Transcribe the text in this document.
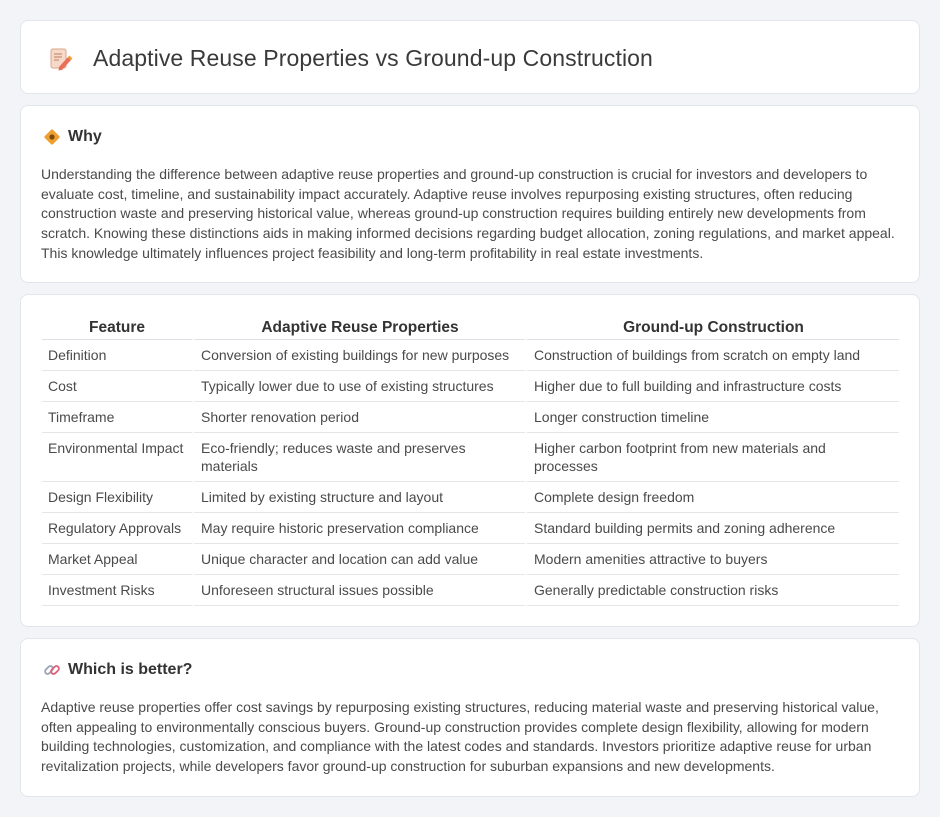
Adaptive Reuse Properties vs Ground-up Construction
Why

Understanding the difference between adaptive reuse properties and ground-up construction is crucial for investors and developers to evaluate cost, timeline, and sustainability impact accurately. Adaptive reuse involves repurposing existing structures, often reducing construction waste and preserving historical value, whereas ground-up construction requires building entirely new developments from scratch. Knowing these distinctions aids in making informed decisions regarding budget allocation, zoning regulations, and market appeal. This knowledge ultimately influences project feasibility and long-term profitability in real estate investments.

Feature	Adaptive Reuse Properties	Ground-up Construction
Definition	Conversion of existing buildings for new purposes	Construction of buildings from scratch on empty land
Cost	Typically lower due to use of existing structures	Higher due to full building and infrastructure costs
Timeframe	Shorter renovation period	Longer construction timeline
Environmental Impact	Eco-friendly; reduces waste and preserves materials	Higher carbon footprint from new materials and processes
Design Flexibility	Limited by existing structure and layout	Complete design freedom
Regulatory Approvals	May require historic preservation compliance	Standard building permits and zoning adherence
Market Appeal	Unique character and location can add value	Modern amenities attractive to buyers
Investment Risks	Unforeseen structural issues possible	Generally predictable construction risks
Which is better?

Adaptive reuse properties offer cost savings by repurposing existing structures, reducing material waste and preserving historical value, often appealing to environmentally conscious buyers. Ground-up construction provides complete design flexibility, allowing for modern building technologies, customization, and compliance with the latest codes and standards. Investors prioritize adaptive reuse for urban revitalization projects, while developers favor ground-up construction for suburban expansions and new developments.
